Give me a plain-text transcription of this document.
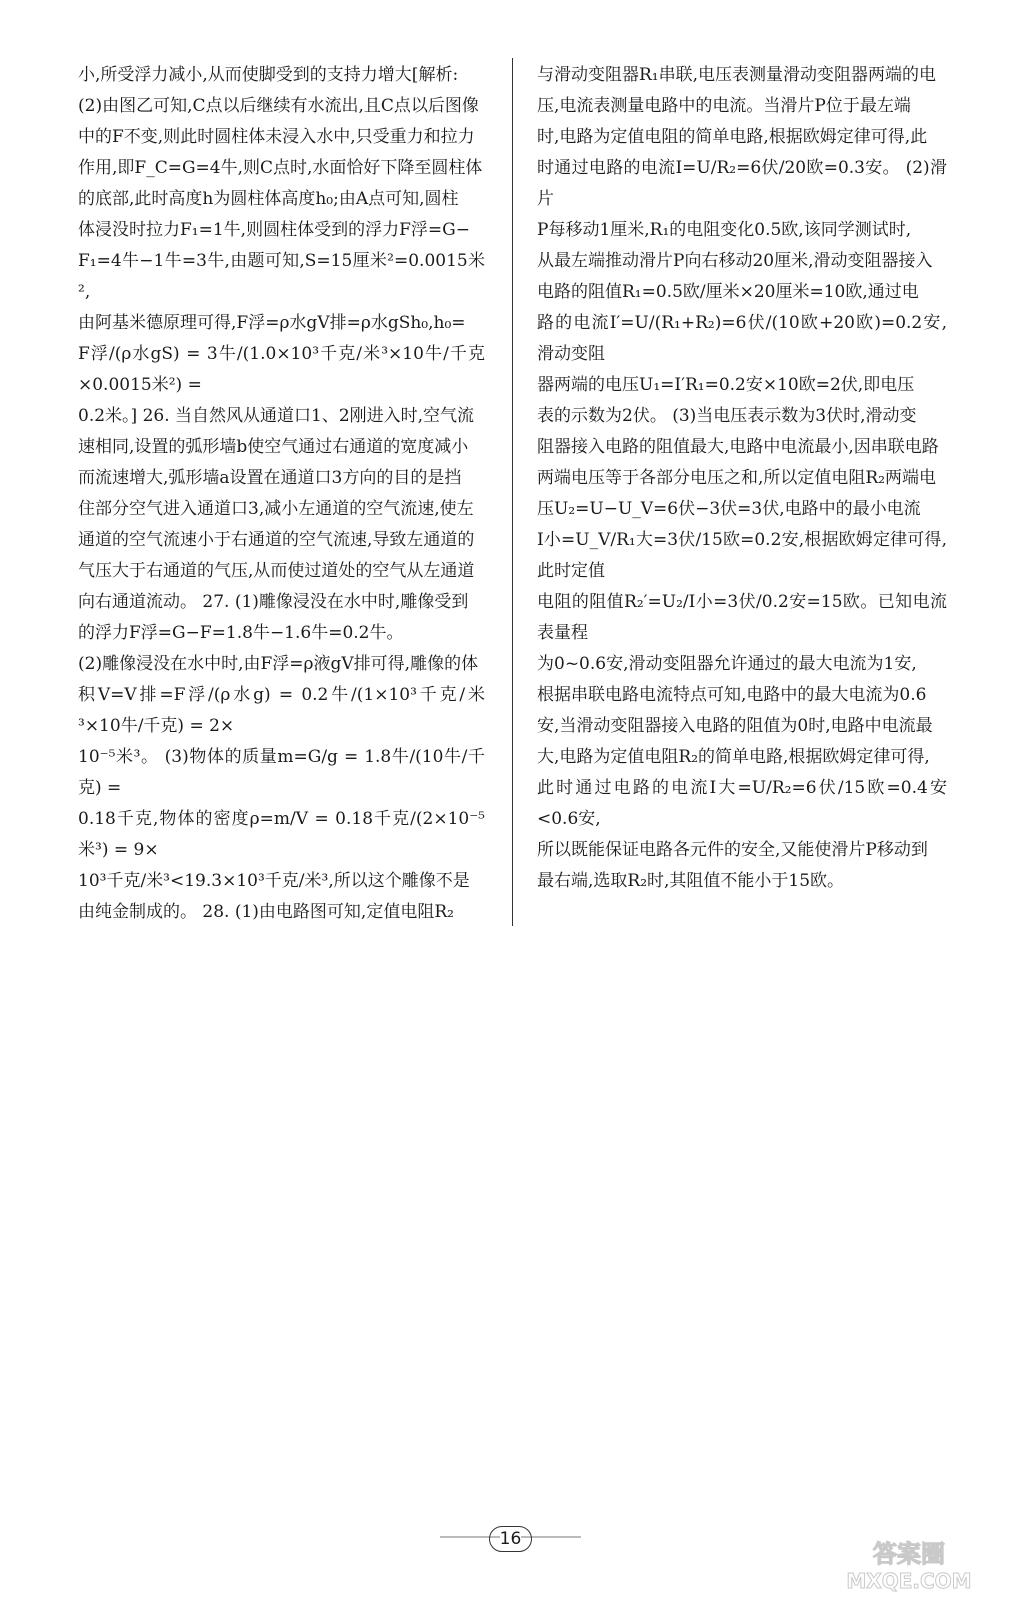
小,所受浮力减小,从而使脚受到的支持力增大[解析:

(2)由图乙可知,C点以后继续有水流出,且C点以后图像

中的F不变,则此时圆柱体未浸入水中,只受重力和拉力

作用,即F_C=G=4牛,则C点时,水面恰好下降至圆柱体

的底部,此时高度h为圆柱体高度h₀;由A点可知,圆柱

体浸没时拉力F₁=1牛,则圆柱体受到的浮力F浮=G−

F₁=4牛−1牛=3牛,由题可知,S=15厘米²=0.0015米²,

由阿基米德原理可得,F浮=ρ水gV排=ρ水gSh₀,h₀=

F浮/(ρ水gS) = 3牛/(1.0×10³千克/米³×10牛/千克×0.0015米²) =

0.2米。] 26. 当自然风从通道口1、2刚进入时,空气流

速相同,设置的弧形墙b使空气通过右通道的宽度减小

而流速增大,弧形墙a设置在通道口3方向的目的是挡

住部分空气进入通道口3,减小左通道的空气流速,使左

通道的空气流速小于右通道的空气流速,导致左通道的

气压大于右通道的气压,从而使过道处的空气从左通道

向右通道流动。 27. (1)雕像浸没在水中时,雕像受到

的浮力F浮=G−F=1.8牛−1.6牛=0.2牛。

(2)雕像浸没在水中时,由F浮=ρ液gV排可得,雕像的体

积V=V排=F浮/(ρ水g) = 0.2牛/(1×10³千克/米³×10牛/千克) = 2×

10⁻⁵米³。 (3)物体的质量m=G/g = 1.8牛/(10牛/千克) =

0.18千克,物体的密度ρ=m/V = 0.18千克/(2×10⁻⁵米³) = 9×

10³千克/米³<19.3×10³千克/米³,所以这个雕像不是

由纯金制成的。 28. (1)由电路图可知,定值电阻R₂

与滑动变阻器R₁串联,电压表测量滑动变阻器两端的电

压,电流表测量电路中的电流。当滑片P位于最左端

时,电路为定值电阻的简单电路,根据欧姆定律可得,此

时通过电路的电流I=U/R₂=6伏/20欧=0.3安。 (2)滑片

P每移动1厘米,R₁的电阻变化0.5欧,该同学测试时,

从最左端推动滑片P向右移动20厘米,滑动变阻器接入

电路的阻值R₁=0.5欧/厘米×20厘米=10欧,通过电

路的电流I′=U/(R₁+R₂)=6伏/(10欧+20欧)=0.2安,滑动变阻

器两端的电压U₁=I′R₁=0.2安×10欧=2伏,即电压

表的示数为2伏。 (3)当电压表示数为3伏时,滑动变

阻器接入电路的阻值最大,电路中电流最小,因串联电路

两端电压等于各部分电压之和,所以定值电阻R₂两端电

压U₂=U−U_V=6伏−3伏=3伏,电路中的最小电流

I小=U_V/R₁大=3伏/15欧=0.2安,根据欧姆定律可得,此时定值

电阻的阻值R₂′=U₂/I小=3伏/0.2安=15欧。已知电流表量程

为0~0.6安,滑动变阻器允许通过的最大电流为1安,

根据串联电路电流特点可知,电路中的最大电流为0.6

安,当滑动变阻器接入电路的阻值为0时,电路中电流最

大,电路为定值电阻R₂的简单电路,根据欧姆定律可得,

此时通过电路的电流I大=U/R₂=6伏/15欧=0.4安<0.6安,

所以既能保证电路各元件的安全,又能使滑片P移动到

最右端,选取R₂时,其阻值不能小于15欧。

16
答案圈
MXQE.COM
